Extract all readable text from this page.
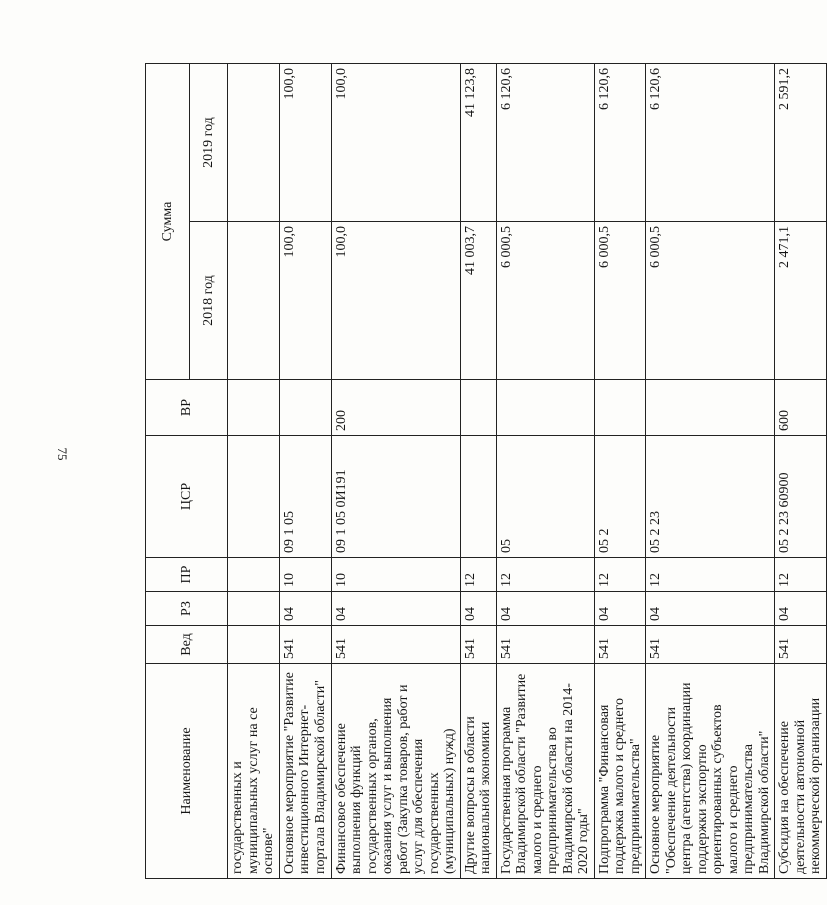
75
Наименование	Вед	РЗ	ПР	ЦСР	ВР	Сумма	
						2018 год	2019 год
государственных и муниципальных услуг на се основе"							
Основное мероприятие "Развитие инвестиционного Интернет-портала Владимирской области"	541	04	10	09 1 05		100,0	100,0
Финансовое обеспечение выполнения функций государственных органов, оказания услуг и выполнения работ (Закупка товаров, работ и услуг для обеспечения государственных (муниципальных) нужд)	541	04	10	09 1 05 0И191	200	100,0	100,0
Другие вопросы в области национальной экономики	541	04	12			41 003,7	41 123,8
Государственная программа Владимирской области "Развитие малого и среднего предпринимательства во Владимирской области на 2014-2020 годы"	541	04	12	05		6 000,5	6 120,6
Подпрограмма "Финансовая поддержка малого и среднего предпринимательства"	541	04	12	05 2		6 000,5	6 120,6
Основное мероприятие "Обеспечение деятельности центра (агентства) координации поддержки экспортно ориентированных субъектов малого и среднего предпринимательства Владимирской области"	541	04	12	05 2 23		6 000,5	6 120,6
Субсидия на обеспечение деятельности автономной некоммерческой организации	541	04	12	05 2 23 60900	600	2 471,1	2 591,2
